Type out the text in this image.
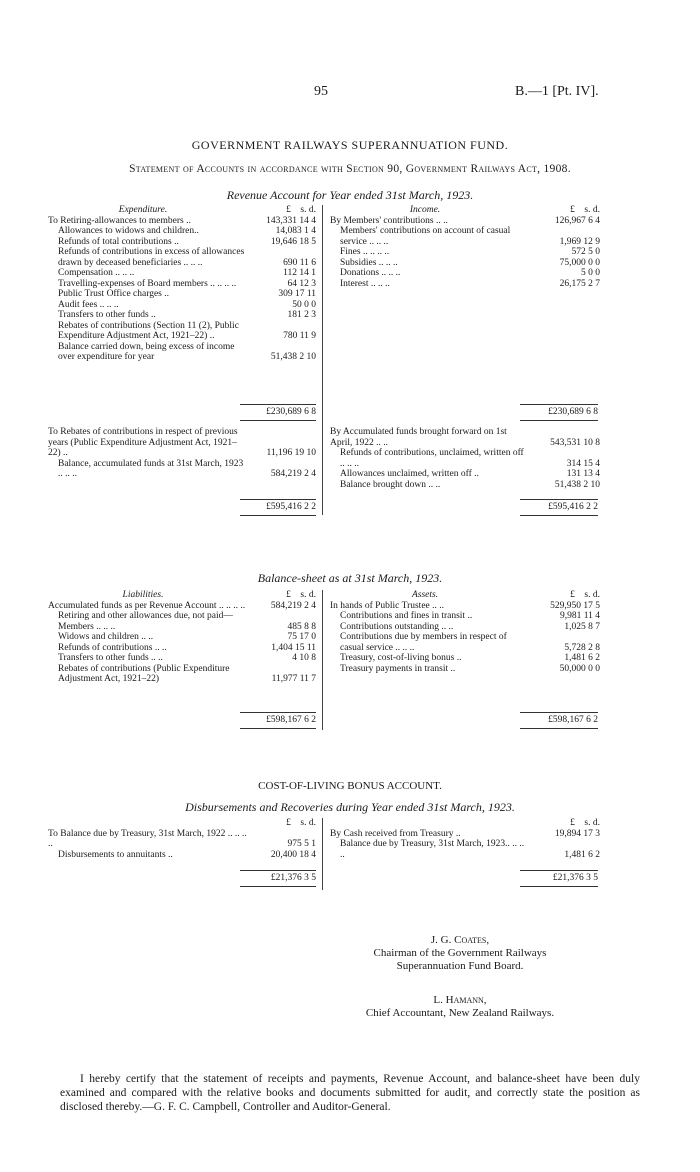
95	B.—1 [Pt. IV].
GOVERNMENT RAILWAYS SUPERANNUATION FUND.
Statement of Accounts in accordance with Section 90, Government Railways Act, 1908.
Revenue Account for Year ended 31st March, 1923.
Expenditure.	£ s. d.
To Retiring-allowances to members ..	143,331 14 4
Allowances to widows and children..	14,083 1 4
Refunds of total contributions ..	19,646 18 5
Refunds of contributions in excess of allowances drawn by deceased beneficiaries .. .. ..	690 11 6
Compensation .. .. ..	112 14 1
Travelling-expenses of Board members .. .. .. ..	64 12 3
Public Trust Office charges ..	309 17 11
Audit fees .. .. ..	50 0 0
Transfers to other funds ..	181 2 3
Rebates of contributions (Section 11 (2), Public Expenditure Adjustment Act, 1921–22) ..	780 11 9
Balance carried down, being excess of income over expenditure for year	51,438 2 10
Income.	£ s. d.
By Members' contributions .. ..	126,967 6 4
Members' contributions on account of casual service .. .. ..	1,969 12 9
Fines .. .. .. ..	572 5 0
Subsidies .. .. ..	75,000 0 0
Donations .. .. ..	5 0 0
Interest .. .. ..	26,175 2 7
£230,689 6 8	£230,689 6 8
To Rebates of contributions in respect of previous years (Public Expenditure Adjustment Act, 1921–22) ..	11,196 19 10
Balance, accumulated funds at 31st March, 1923 .. .. ..	584,219 2 4
By Accumulated funds brought forward on 1st April, 1922 .. ..	543,531 10 8
Refunds of contributions, unclaimed, written off .. .. ..	314 15 4
Allowances unclaimed, written off ..	131 13 4
Balance brought down .. ..	51,438 2 10
£595,416 2 2	£595,416 2 2
Balance-sheet as at 31st March, 1923.
Liabilities.	£ s. d.
Accumulated funds as per Revenue Account .. .. .. ..	584,219 2 4
Retiring and other allowances due, not paid—	
Members .. .. ..	485 8 8
Widows and children .. ..	75 17 0
Refunds of contributions .. ..	1,404 15 11
Transfers to other funds .. ..	4 10 8
Rebates of contributions (Public Expenditure Adjustment Act, 1921–22)	11,977 11 7
Assets.	£ s. d.
In hands of Public Trustee .. ..	529,950 17 5
Contributions and fines in transit ..	9,981 11 4
Contributions outstanding .. ..	1,025 8 7
Contributions due by members in respect of casual service .. .. ..	5,728 2 8
Treasury, cost-of-living bonus ..	1,481 6 2
Treasury payments in transit ..	50,000 0 0
£598,167 6 2	£598,167 6 2
COST-OF-LIVING BONUS ACCOUNT.
Disbursements and Recoveries during Year ended 31st March, 1923.
	£ s. d.
To Balance due by Treasury, 31st March, 1922 .. .. .. ..	975 5 1
Disbursements to annuitants ..	20,400 18 4
	£ s. d.
By Cash received from Treasury ..	19,894 17 3
Balance due by Treasury, 31st March, 1923.. .. .. ..	1,481 6 2
£21,376 3 5	£21,376 3 5
J. G. Coates,
Chairman of the Government Railways
Superannuation Fund Board.
L. Hamann,
Chief Accountant, New Zealand Railways.
I hereby certify that the statement of receipts and payments, Revenue Account, and balance-sheet have been duly examined and compared with the relative books and documents submitted for audit, and correctly state the position as disclosed thereby.—G. F. C. Campbell, Controller and Auditor-General.
